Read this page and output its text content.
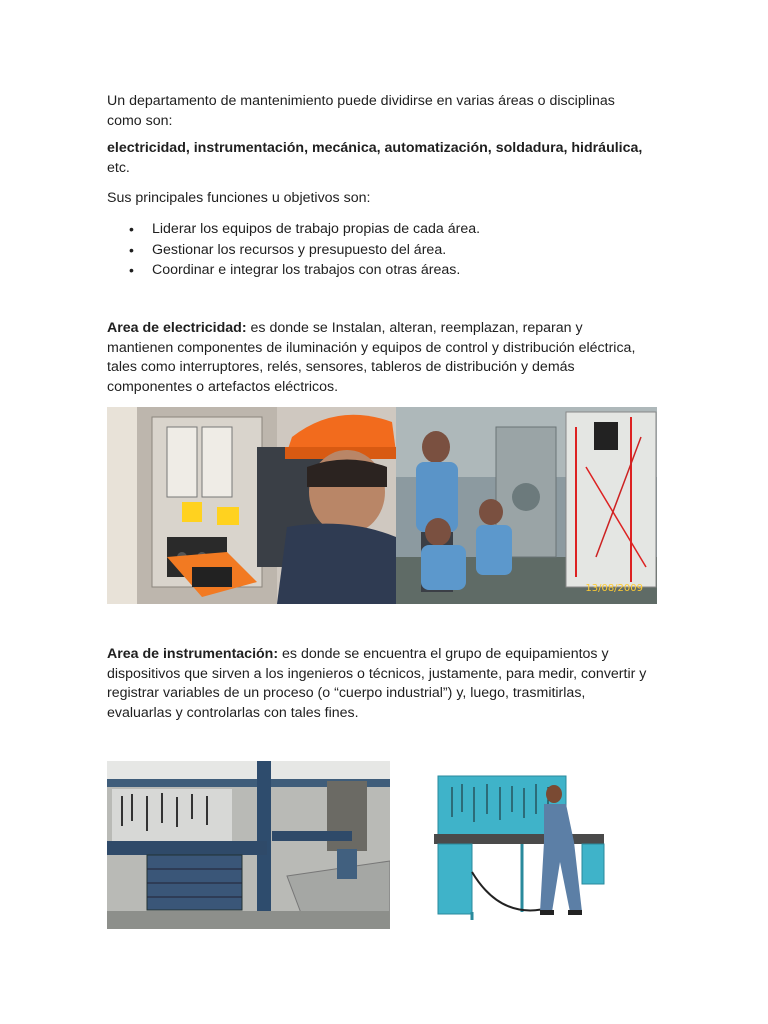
Un departamento de mantenimiento puede dividirse en varias áreas o disciplinas como son:
electricidad, instrumentación, mecánica, automatización, soldadura, hidráulica, etc.
Sus principales funciones u objetivos son:
• Liderar los equipos de trabajo propias de cada área.
• Gestionar los recursos y presupuesto del área.
• Coordinar e integrar los trabajos con otras áreas.
Area de electricidad: es donde se Instalan, alteran, reemplazan, reparan y mantienen componentes de iluminación y equipos de control y distribución eléctrica, tales como interruptores, relés, sensores, tableros de distribución y demás componentes o artefactos eléctricos.
13/08/2009
Area de instrumentación: es donde se encuentra el grupo de equipamientos y dispositivos que sirven a los ingenieros o técnicos, justamente, para medir, convertir y registrar variables de un proceso (o “cuerpo industrial”) y, luego, trasmitirlas, evaluarlas y controlarlas con tales fines.
